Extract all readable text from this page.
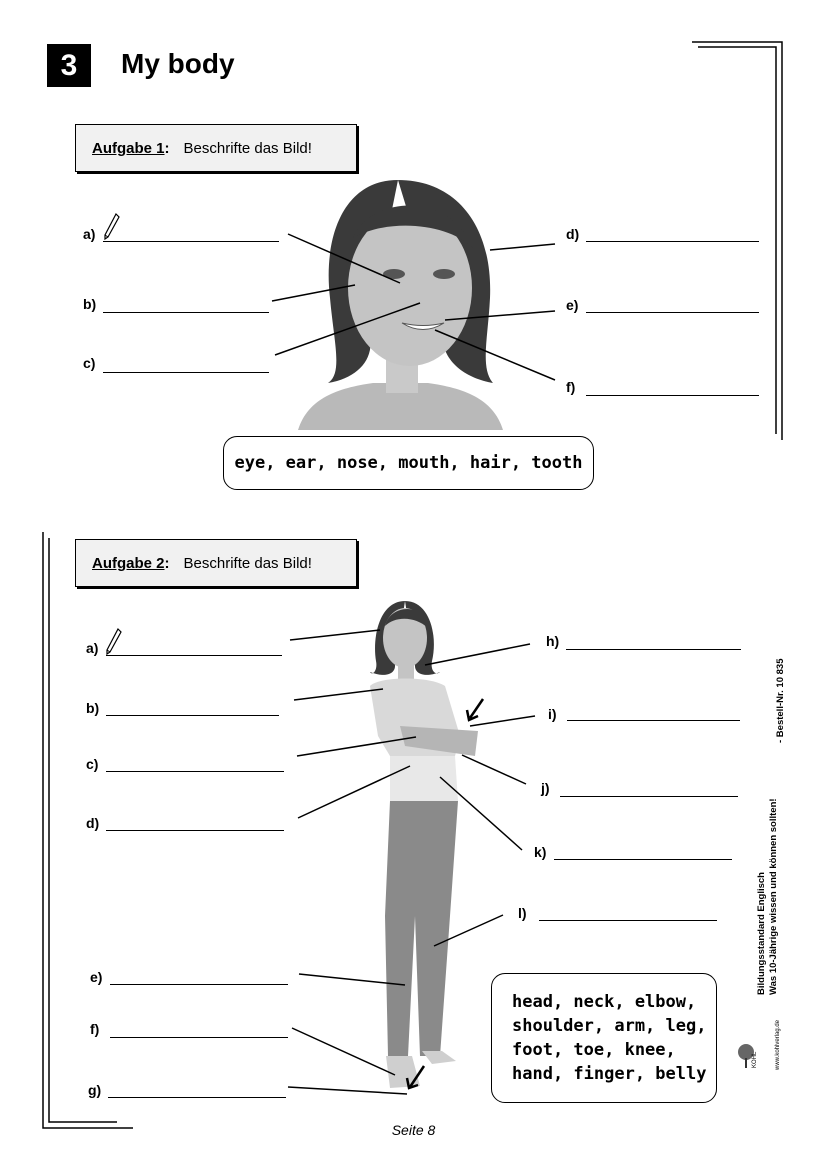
3	My body
Aufgabe 1 : Beschrifte das Bild!
a)
b)
c)
d)
e)
f)
eye, ear, nose, mouth, hair, tooth
Aufgabe 2 : Beschrifte das Bild!
a)
b)
c)
d)
e)
f)
g)
h)
i)
j)
k)
l)
head, neck, elbow,
shoulder, arm, leg,
foot, toe, knee,
hand, finger, belly
Bildungsstandard Englisch Was 10-Jährige wissen und können sollten!
- Bestell-Nr. 10 835
KOHL	www.kohlverlag.de
Seite 8
